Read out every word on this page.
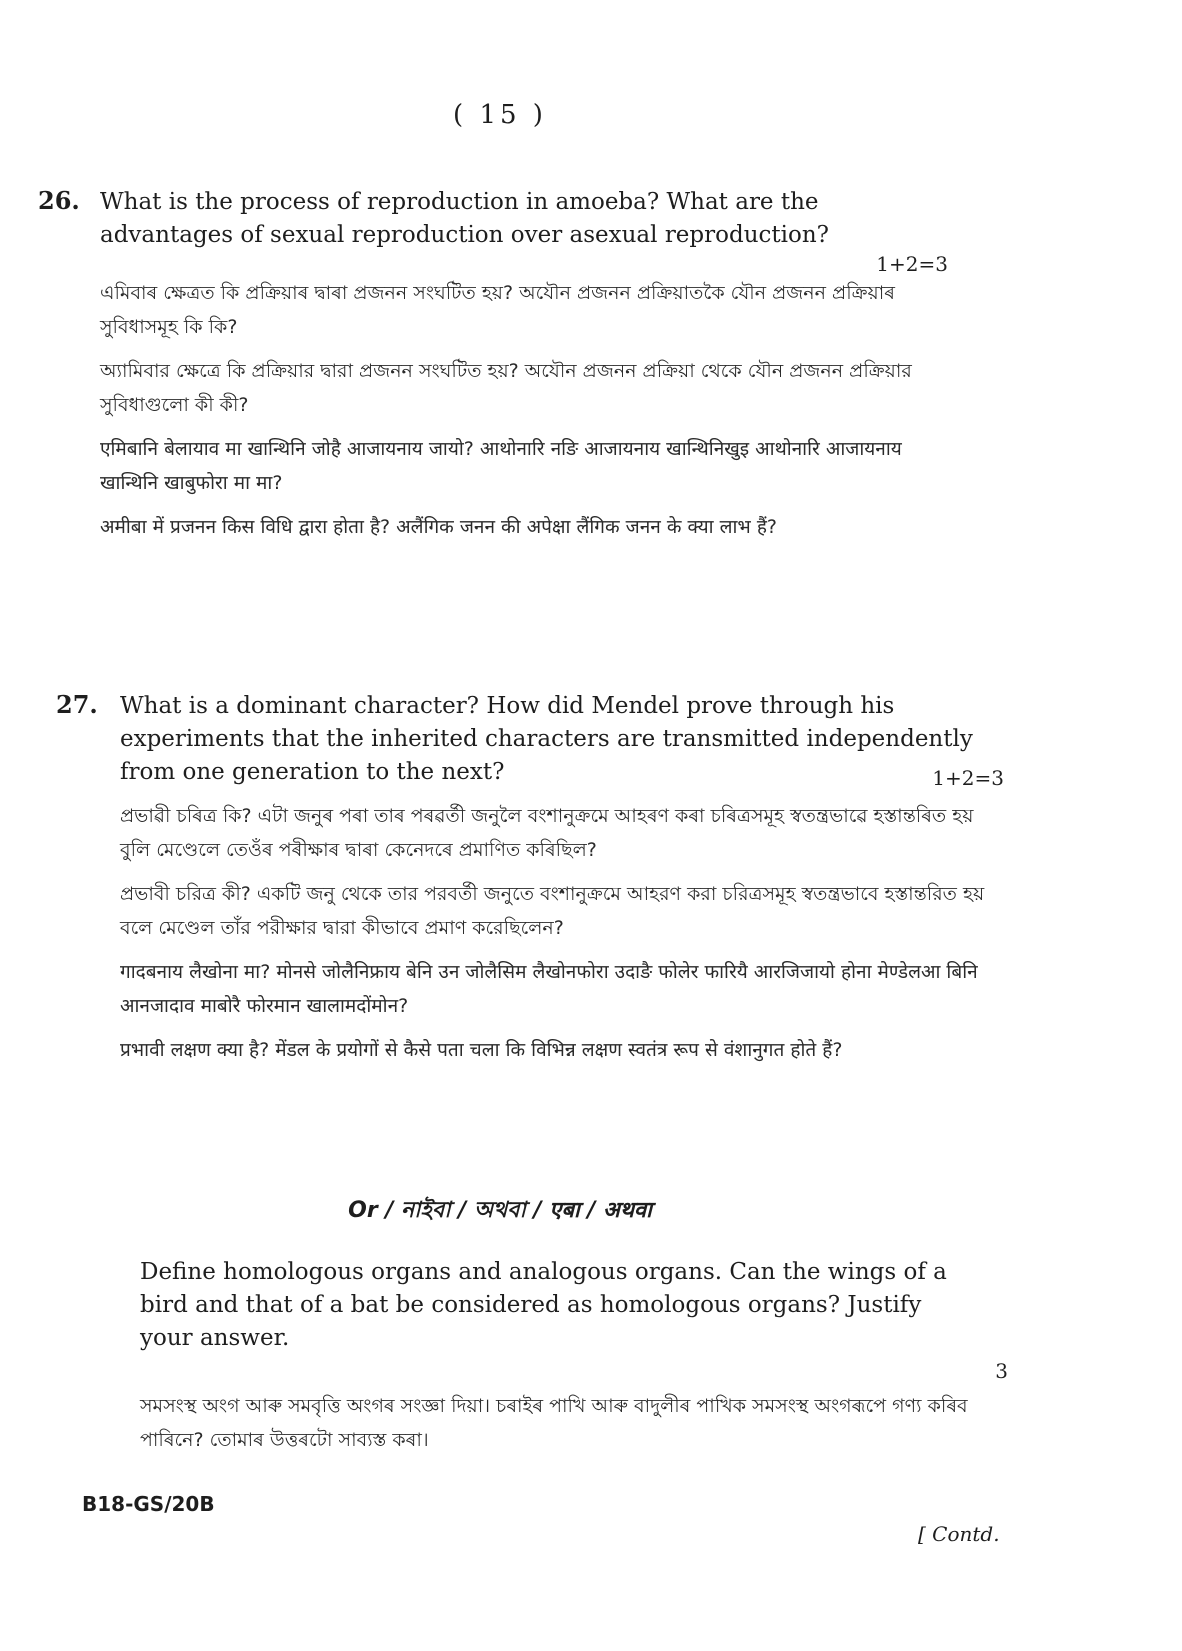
( 15 )
26. What is the process of reproduction in amoeba? What are the advantages of sexual reproduction over asexual reproduction?
1+2=3
এমিবাৰ ক্ষেত্ৰত কি প্ৰক্ৰিয়াৰ দ্বাৰা প্ৰজনন সংঘটিত হয়? অযৌন প্ৰজনন প্ৰক্ৰিয়াতকৈ যৌন প্ৰজনন প্ৰক্ৰিয়াৰ সুবিধাসমূহ কি কি?
অ্যামিবার ক্ষেত্রে কি প্রক্রিয়ার দ্বারা প্রজনন সংঘটিত হয়? অযৌন প্রজনন প্রক্রিয়া থেকে যৌন প্রজনন প্রক্রিয়ার সুবিধাগুলো কী কী?
एमिबानि बेलायाव मा खान्थिनि जोहै आजायनाय जायो? आथोनारि नङि आजायनाय खान्थिनिखुइ आथोनारि आजायनाय खान्थिनि खाबुफोरा मा मा?
अमीबा में प्रजनन किस विधि द्वारा होता है? अलैंगिक जनन की अपेक्षा लैंगिक जनन के क्या लाभ हैं?
27. What is a dominant character? How did Mendel prove through his experiments that the inherited characters are transmitted independently from one generation to the next?	1+2=3
প্ৰভাৱী চৰিত্ৰ কি? এটা জনুৰ পৰা তাৰ পৰৱৰ্তী জনুলৈ বংশানুক্ৰমে আহৰণ কৰা চৰিত্ৰসমূহ স্বতন্ত্ৰভাৱে হস্তান্তৰিত হয় বুলি মেণ্ডেলে তেওঁৰ পৰীক্ষাৰ দ্বাৰা কেনেদৰে প্ৰমাণিত কৰিছিল?
প্রভাবী চরিত্র কী? একটি জনু থেকে তার পরবর্তী জনুতে বংশানুক্রমে আহরণ করা চরিত্রসমূহ স্বতন্ত্রভাবে হস্তান্তরিত হয় বলে মেণ্ডেল তাঁর পরীক্ষার দ্বারা কীভাবে প্রমাণ করেছিলেন?
गादबनाय लैखोना मा? मोनसे जोलैनिफ्राय बेनि उन जोलैसिम लैखोनफोरा उदाङै फोलेर फारियै आरजिजायो होना मेण्डेलआ बिनि आनजादाव माबोरै फोरमान खालामदोंमोन?
प्रभावी लक्षण क्या है? मेंडल के प्रयोगों से कैसे पता चला कि विभिन्न लक्षण स्वतंत्र रूप से वंशानुगत होते हैं?
Or / নাইবা / অথবা / एबा / अथवा
Define homologous organs and analogous organs. Can the wings of a bird and that of a bat be considered as homologous organs? Justify your answer.
3
সমসংস্থ অংগ আৰু সমবৃত্তি অংগৰ সংজ্ঞা দিয়া। চৰাইৰ পাখি আৰু বাদুলীৰ পাখিক সমসংস্থ অংগৰূপে গণ্য কৰিব পাৰিনে? তোমাৰ উত্তৰটো সাব্যস্ত কৰা।
B18-GS/20B
[ Contd.
